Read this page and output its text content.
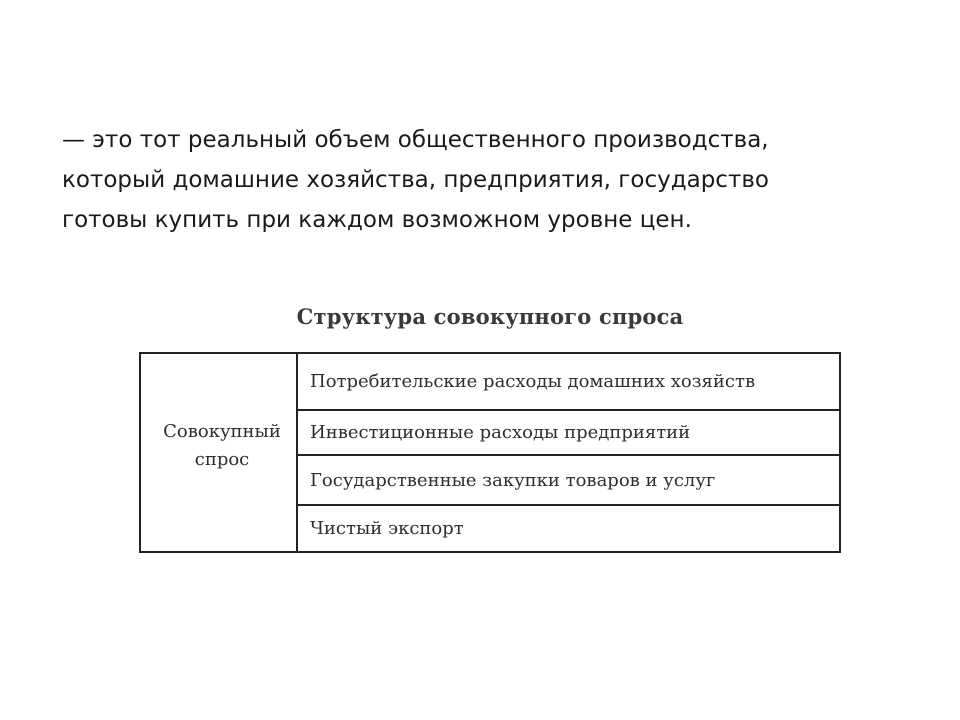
— это тот реальный объем общественного производства,
который домашние хозяйства, предприятия, государство
готовы купить при каждом возможном уровне цен.

Структура совокупного спроса
Совокупный
спрос
Потребительские расходы домашних хозяйств
Инвестиционные расходы предприятий
Государственные закупки товаров и услуг
Чистый экспорт
